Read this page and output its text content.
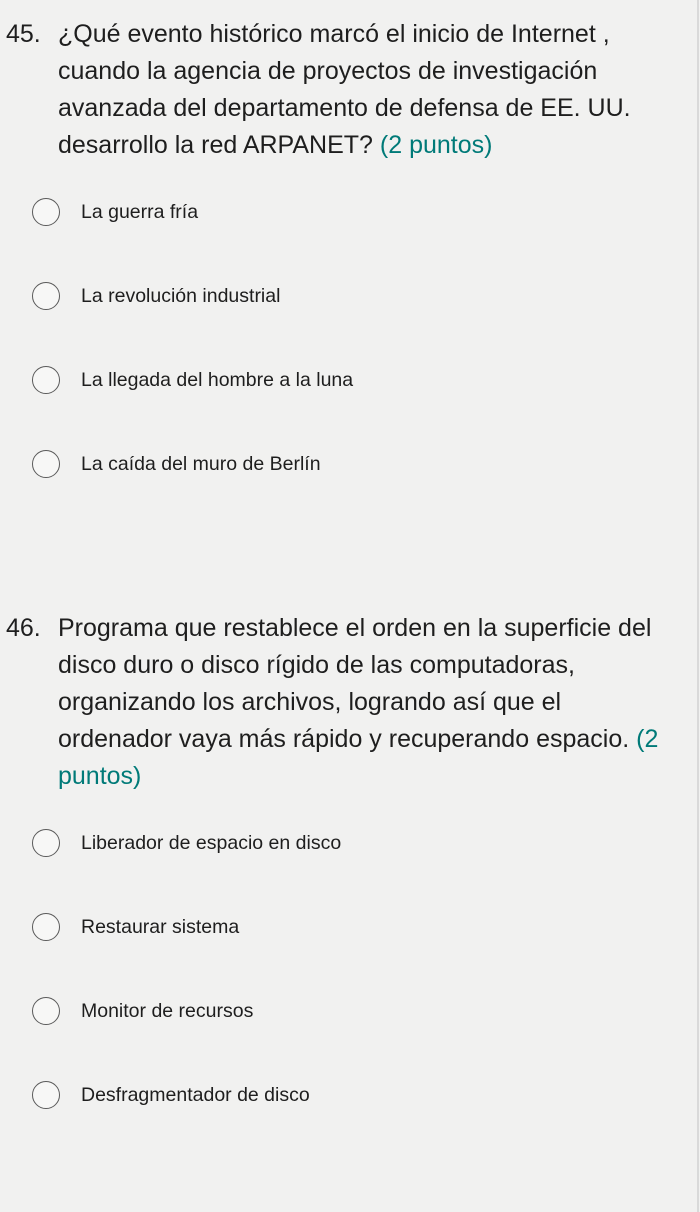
45. ¿Qué evento histórico marcó el inicio de Internet , cuando la agencia de proyectos de investigación avanzada del departamento de defensa de EE. UU. desarrollo la red ARPANET? (2 puntos)
La guerra fría
La revolución industrial
La llegada del hombre a la luna
La caída del muro de Berlín
46. Programa que restablece el orden en la superficie del disco duro o disco rígido de las computadoras, organizando los archivos, logrando así que el ordenador vaya más rápido y recuperando espacio. (2 puntos)
Liberador de espacio en disco
Restaurar sistema
Monitor de recursos
Desfragmentador de disco
